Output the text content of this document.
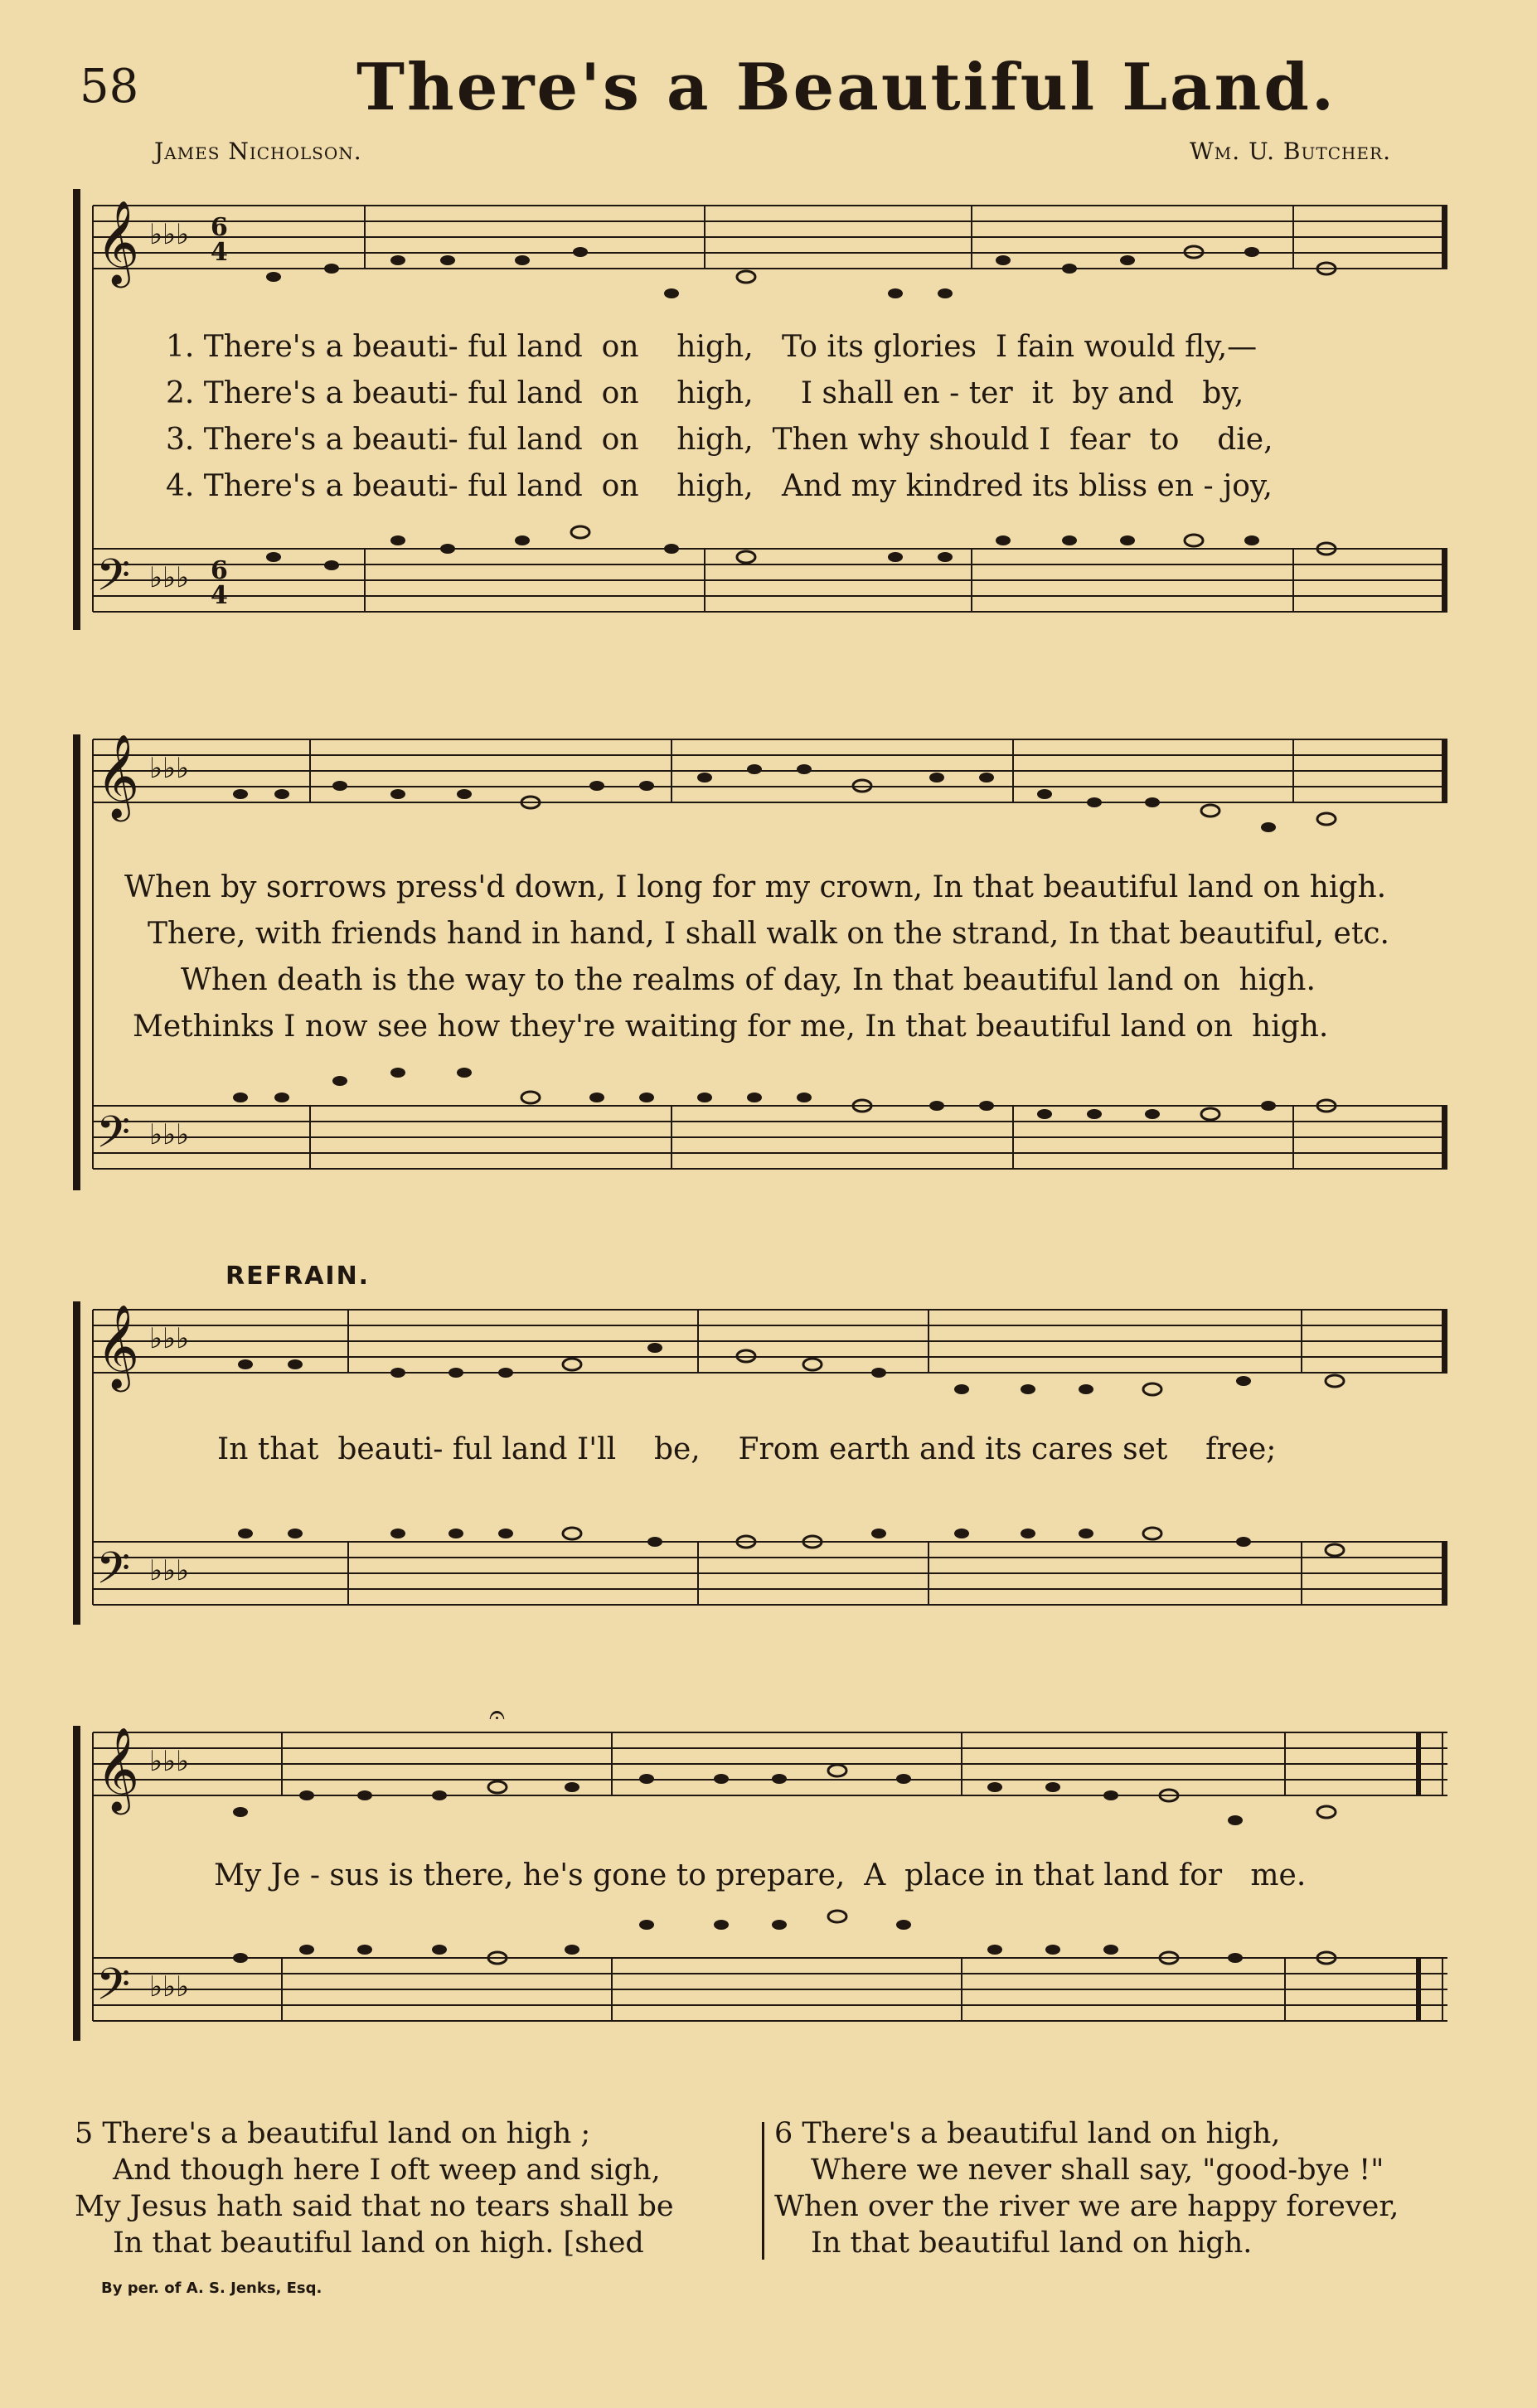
58	There's a Beautiful Land.
James Nicholson.	Wm. U. Butcher.
𝄞
𝄢
♭♭♭
♭♭♭
6
4
6
4
1. There's a beauti- ful land  on    high,   To its glories  I fain would fly,—
2. There's a beauti- ful land  on    high,     I shall en - ter  it  by and   by,
3. There's a beauti- ful land  on    high,  Then why should I  fear  to    die,
4. There's a beauti- ful land  on    high,   And my kindred its bliss en - joy,
𝄞
𝄢
♭♭♭
♭♭♭
When by sorrows press'd down, I long for my crown, In that beautiful land on high.
There, with friends hand in hand, I shall walk on the strand, In that beautiful, etc.
When death is the way to the realms of day, In that beautiful land on  high.
Methinks I now see how they're waiting for me, In that beautiful land on  high.
REFRAIN.
𝄞
𝄢
♭♭♭
♭♭♭
In that  beauti- ful land I'll    be,    From earth and its cares set    free;
𝄞
𝄢
♭♭♭
♭♭♭
𝄐
My Je - sus is there, he's gone to prepare,  A  place in that land for   me.
5 There's a beautiful land on high ;
And though here I oft weep and sigh,
My Jesus hath said that no tears shall be
In that beautiful land on high. [shed
6 There's a beautiful land on high,
Where we never shall say, "good-bye !"
When over the river we are happy forever,
In that beautiful land on high.
By per. of A. S. Jenks, Esq.
